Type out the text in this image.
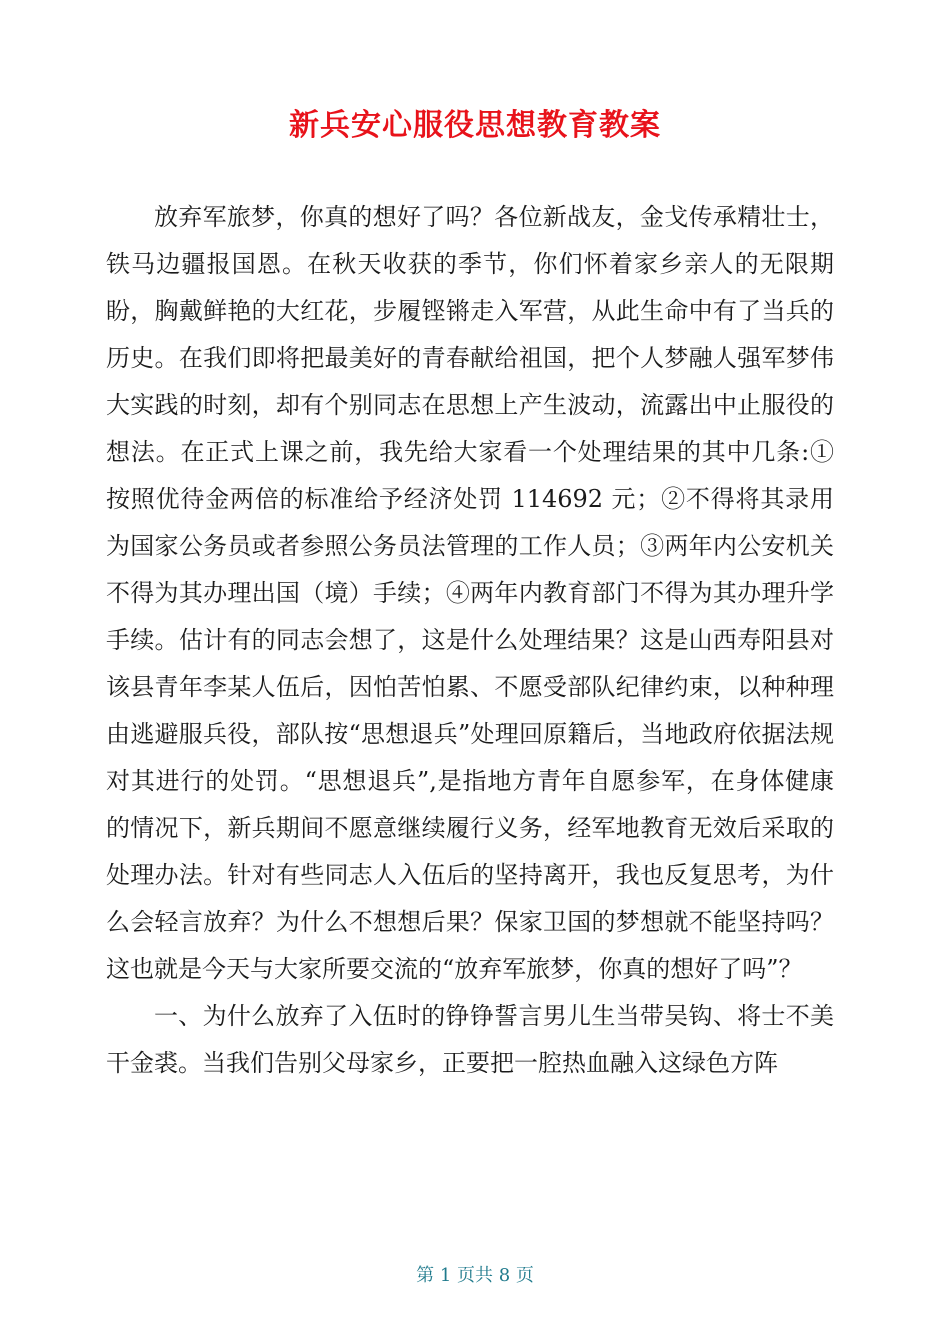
新兵安心服役思想教育教案

放弃军旅梦，你真的想好了吗？各位新战友，金戈传承精壮士，铁马边疆报国恩。在秋天收获的季节，你们怀着家乡亲人的无限期盼，胸戴鲜艳的大红花，步履铿锵走入军营，从此生命中有了当兵的历史。在我们即将把最美好的青春献给祖国，把个人梦融人强军梦伟大实践的时刻，却有个别同志在思想上产生波动，流露出中止服役的想法。在正式上课之前，我先给大家看一个处理结果的其中几条:① 按照优待金两倍的标准给予经济处罚 114692 元；②不得将其录用为国家公务员或者参照公务员法管理的工作人员；③两年内公安机关不得为其办理出国（境）手续；④两年内教育部门不得为其办理升学手续。估计有的同志会想了，这是什么处理结果？这是山西寿阳县对该县青年李某人伍后，因怕苦怕累、不愿受部队纪律约束，以种种理由逃避服兵役，部队按“思想退兵”处理回原籍后，当地政府依据法规对其进行的处罚。“思想退兵”,是指地方青年自愿参军，在身体健康的情况下，新兵期间不愿意继续履行义务，经军地教育无效后采取的处理办法。针对有些同志人入伍后的坚持离开，我也反复思考，为什么会轻言放弃？为什么不想想后果？保家卫国的梦想就不能坚持吗？这也就是今天与大家所要交流的“放弃军旅梦，你真的想好了吗”？

一、为什么放弃了入伍时的铮铮誓言男儿生当带吴钩、将士不美干金裘。当我们告别父母家乡，正要把一腔热血融入这绿色方阵

第 1 页共 8 页
